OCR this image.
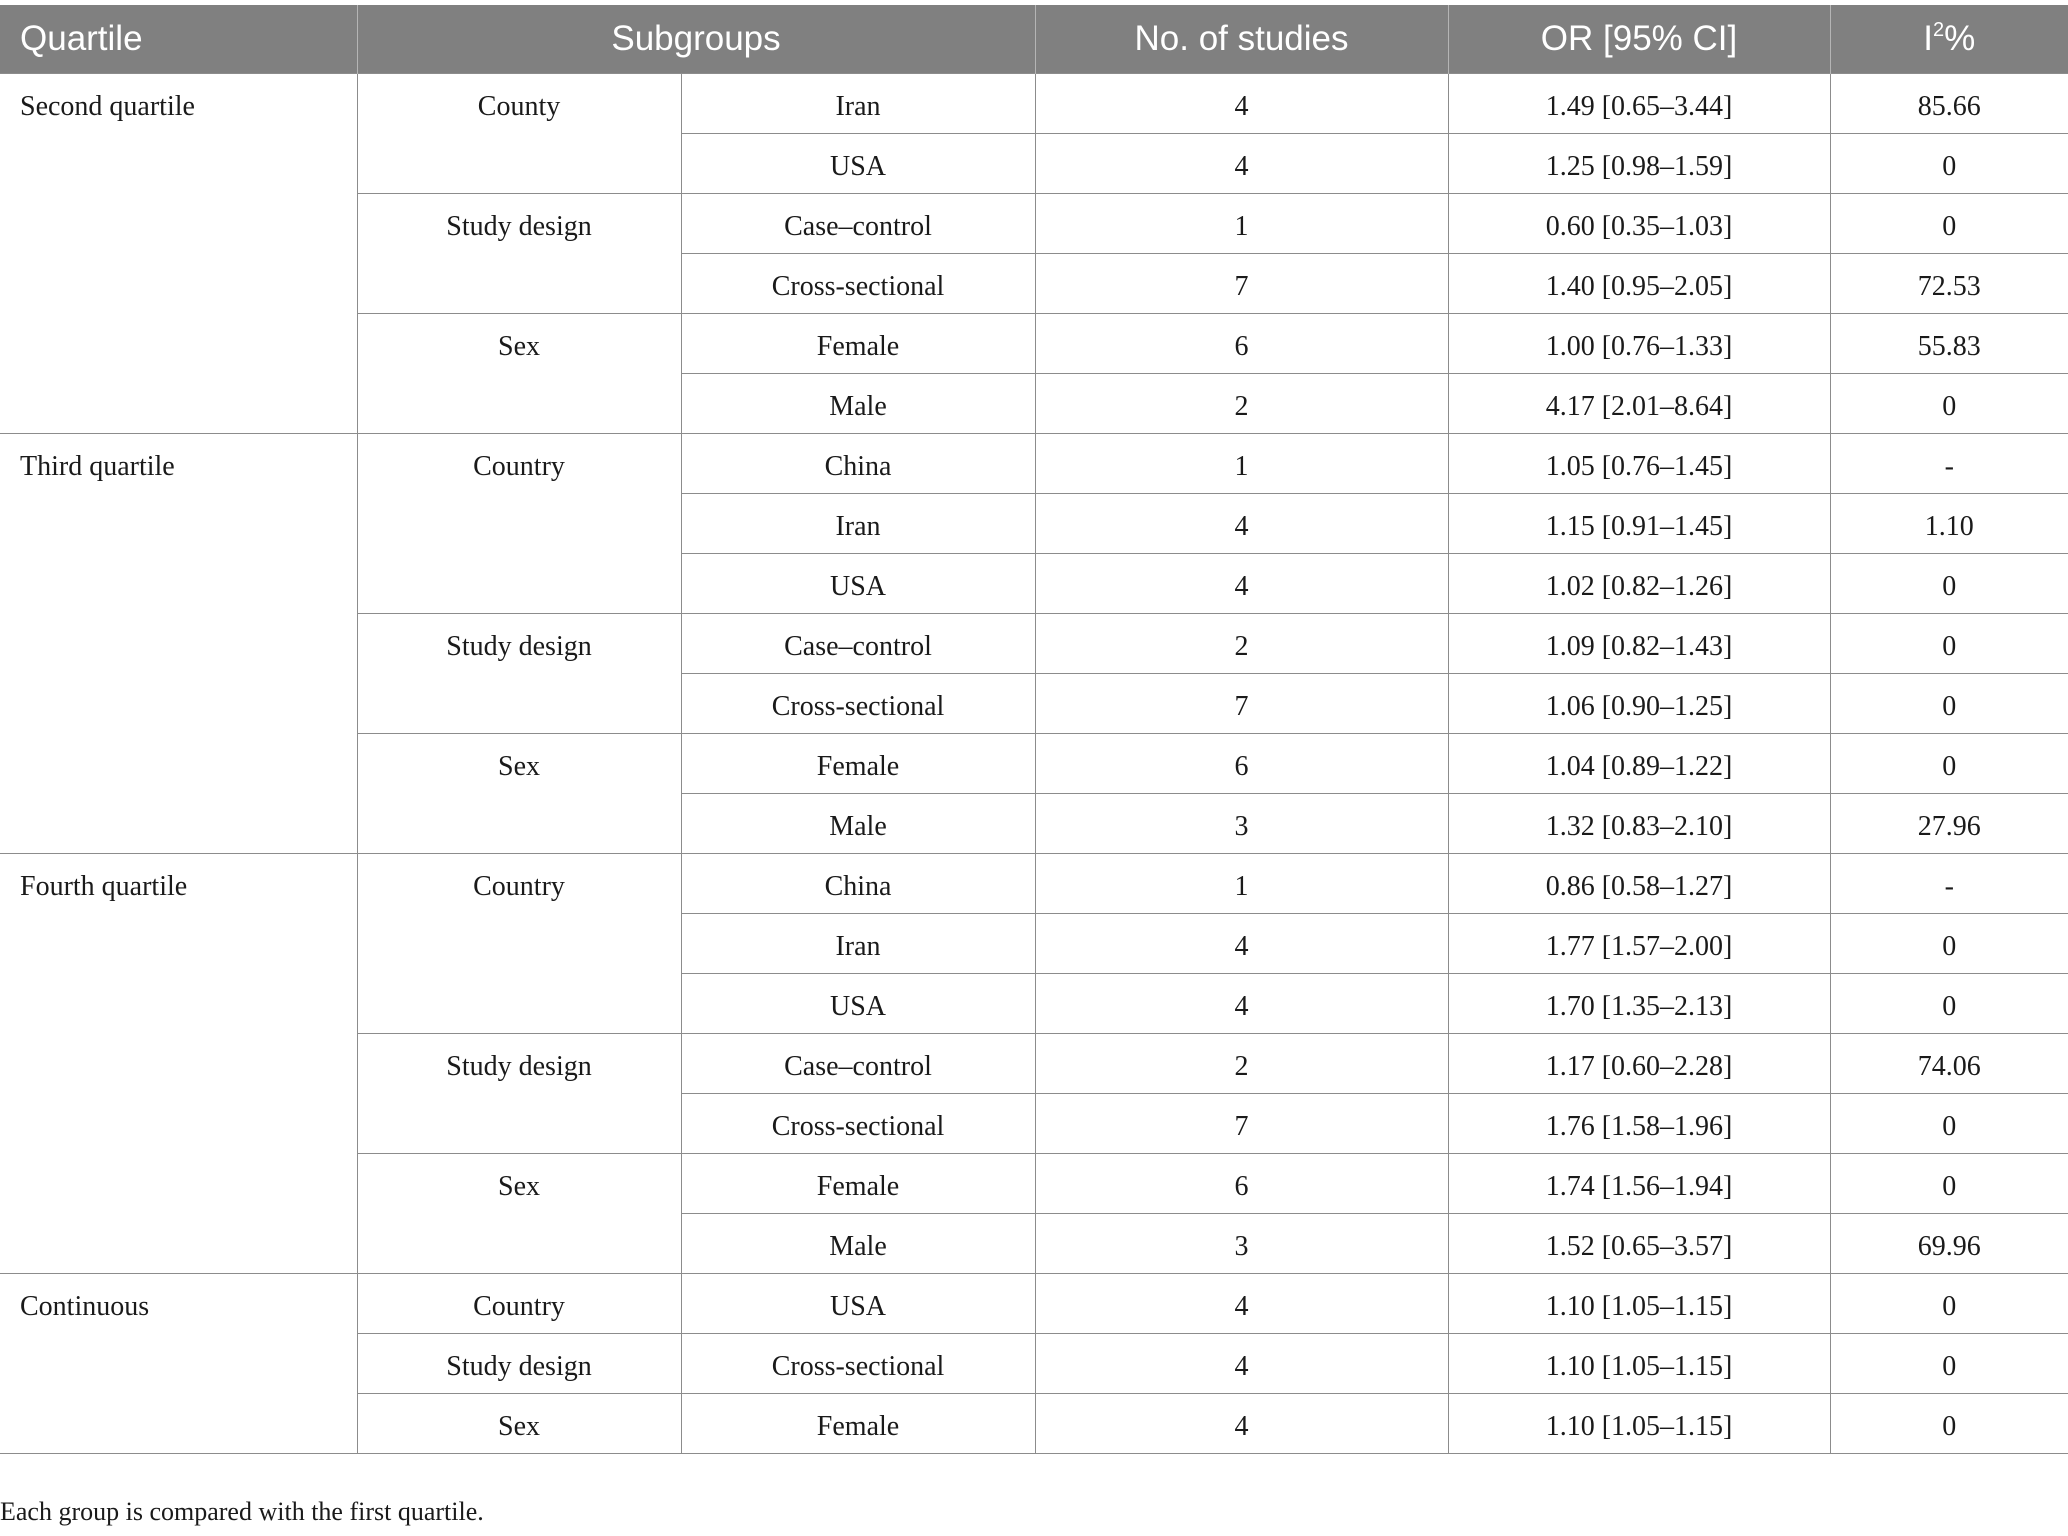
Quartile	Subgroups		No. of studies	OR [95% CI]	$I^2\%$
Second quartile	County	Iran	4	1.49 [0.65–3.44]	85.66
		USA	4	1.25 [0.98–1.59]	0
	Study design	Case–control	1	0.60 [0.35–1.03]	0
		Cross-sectional	7	1.40 [0.95–2.05]	72.53
	Sex	Female	6	1.00 [0.76–1.33]	55.83
		Male	2	4.17 [2.01–8.64]	0
Third quartile	Country	China	1	1.05 [0.76–1.45]	-
		Iran	4	1.15 [0.91–1.45]	1.10
		USA	4	1.02 [0.82–1.26]	0
	Study design	Case–control	2	1.09 [0.82–1.43]	0
		Cross-sectional	7	1.06 [0.90–1.25]	0
	Sex	Female	6	1.04 [0.89–1.22]	0
		Male	3	1.32 [0.83–2.10]	27.96
Fourth quartile	Country	China	1	0.86 [0.58–1.27]	-
		Iran	4	1.77 [1.57–2.00]	0
		USA	4	1.70 [1.35–2.13]	0
	Study design	Case–control	2	1.17 [0.60–2.28]	74.06
		Cross-sectional	7	1.76 [1.58–1.96]	0
	Sex	Female	6	1.74 [1.56–1.94]	0
		Male	3	1.52 [0.65–3.57]	69.96
Continuous	Country	USA	4	1.10 [1.05–1.15]	0
	Study design	Cross-sectional	4	1.10 [1.05–1.15]	0
	Sex	Female	4	1.10 [1.05–1.15]	0
Each group is compared with the first quartile.
